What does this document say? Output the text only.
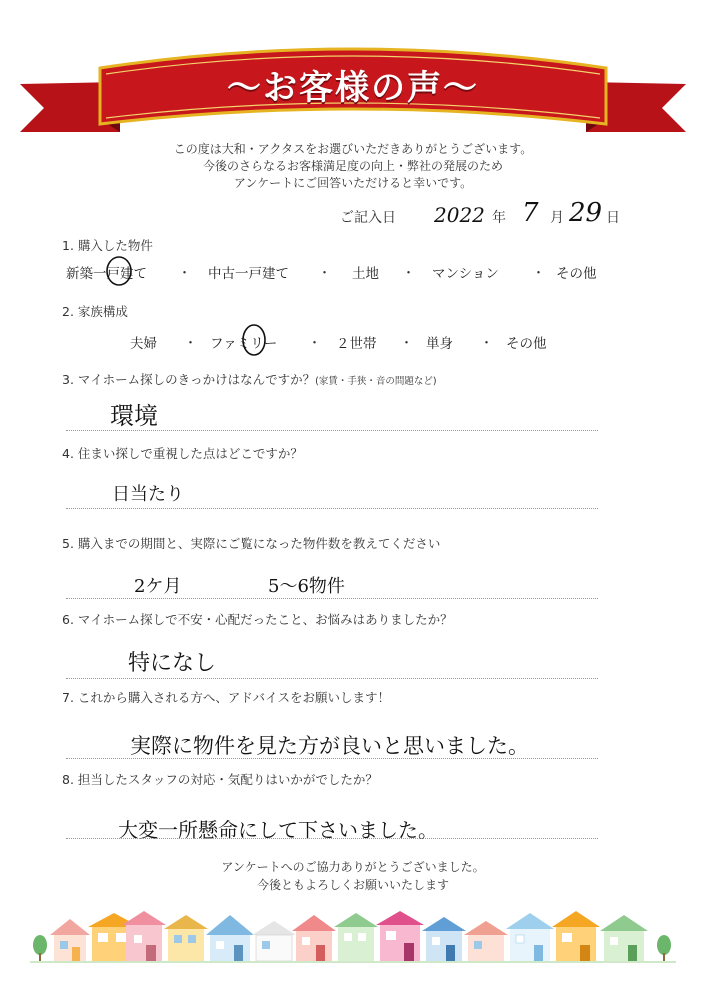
〜お客様の声〜
この度は大和・アクタスをお選びいただきありがとうございます。
今後のさらなるお客様満足度の向上・弊社の発展のため
アンケートにご回答いただけると幸いです。
ご記入日 2022 年 7 月 29 日
1. 購入した物件
新築一戸建て ・ 中古一戸建て ・ 土地 ・ マンション	・ その他
2. 家族構成
夫婦 ・ ファミリー ・ ２世帯 ・ 単身 ・ その他
3. マイホーム探しのきっかけはなんですか？(家賃・手狭・音の問題など)
環境
4. 住まい探しで重視した点はどこですか？
日当たり
5. 購入までの期間と、実際にご覧になった物件数を教えてください
2ケ月	5〜6物件
6. マイホーム探しで不安・心配だったこと、お悩みはありましたか？
特になし
7. これから購入される方へ、アドバイスをお願いします！
実際に物件を見た方が良いと思いました。
8. 担当したスタッフの対応・気配りはいかがでしたか？
大変一所懸命にして下さいました。
アンケートへのご協力ありがとうございました。
今後ともよろしくお願いいたします
